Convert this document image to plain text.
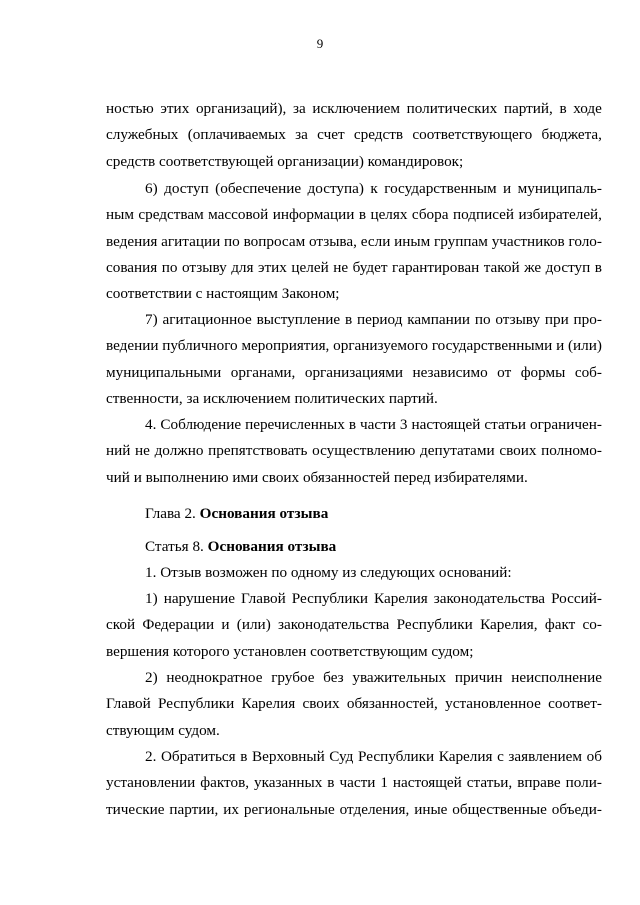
9
ностью этих организаций), за исключением политических партий, в ходе
служебных (оплачиваемых за счет средств соответствующего бюджета,
средств соответствующей организации) командировок;
6) доступ (обеспечение доступа) к государственным и муниципаль-
ным средствам массовой информации в целях сбора подписей избирателей,
ведения агитации по вопросам отзыва, если иным группам участников голо-
сования по отзыву для этих целей не будет гарантирован такой же доступ в
соответствии с настоящим Законом;
7) агитационное выступление в период кампании по отзыву при про-
ведении публичного мероприятия, организуемого государственными и (или)
муниципальными органами, организациями независимо от формы соб-
ственности, за исключением политических партий.
4. Соблюдение перечисленных в части 3 настоящей статьи ограничен-
ний не должно препятствовать осуществлению депутатами своих полномо-
чий и выполнению ими своих обязанностей перед избирателями.
Глава 2. Основания отзыва
Статья 8. Основания отзыва
1. Отзыв возможен по одному из следующих оснований:
1) нарушение Главой Республики Карелия законодательства Россий-
ской Федерации и (или) законодательства Республики Карелия, факт со-
вершения которого установлен соответствующим судом;
2) неоднократное грубое без уважительных причин неисполнение
Главой Республики Карелия своих обязанностей, установленное соответ-
ствующим судом.
2. Обратиться в Верховный Суд Республики Карелия с заявлением об
установлении фактов, указанных в части 1 настоящей статьи, вправе поли-
тические партии, их региональные отделения, иные общественные объеди-
